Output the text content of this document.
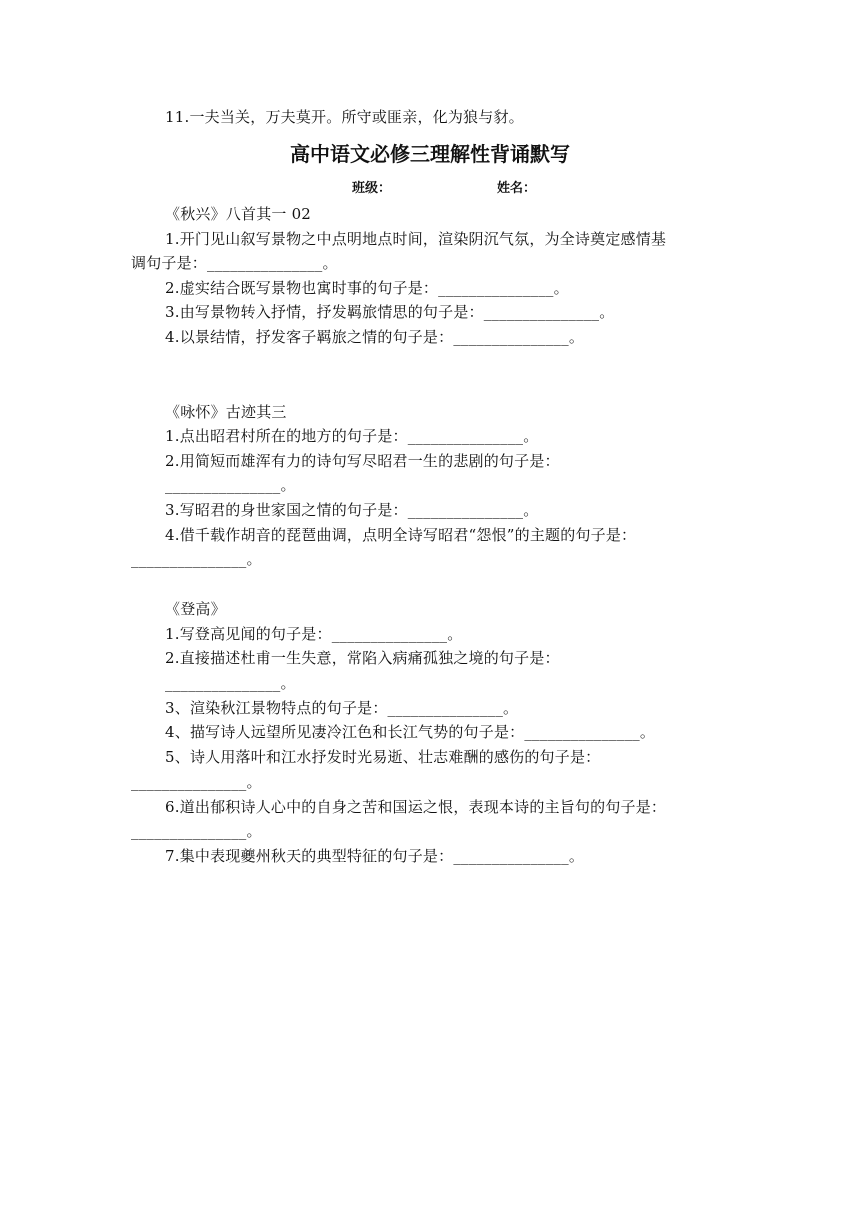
11.一夫当关，万夫莫开。所守或匪亲，化为狼与豺。

高中语文必修三理解性背诵默写

班级：	姓名：

《秋兴》八首其一 02

1.开门见山叙写景物之中点明地点时间，渲染阴沉气氛，为全诗奠定感情基

调句子是：_______________。

2.虚实结合既写景物也寓时事的句子是：_______________。

3.由写景物转入抒情，抒发羁旅情思的句子是：_______________。

4.以景结情，抒发客子羁旅之情的句子是：_______________。

《咏怀》古迹其三

1.点出昭君村所在的地方的句子是：_______________。

2.用简短而雄浑有力的诗句写尽昭君一生的悲剧的句子是：

_______________。

3.写昭君的身世家国之情的句子是：_______________。

4.借千载作胡音的琵琶曲调，点明全诗写昭君“怨恨”的主题的句子是：

_______________。

《登高》

1.写登高见闻的句子是：_______________。

2.直接描述杜甫一生失意，常陷入病痛孤独之境的句子是：

_______________。

3、渲染秋江景物特点的句子是：_______________。

4、描写诗人远望所见凄冷江色和长江气势的句子是：_______________。

5、诗人用落叶和江水抒发时光易逝、壮志难酬的感伤的句子是：

_______________。

6.道出郁积诗人心中的自身之苦和国运之恨，表现本诗的主旨句的句子是：

_______________。

7.集中表现夔州秋天的典型特征的句子是：_______________。
